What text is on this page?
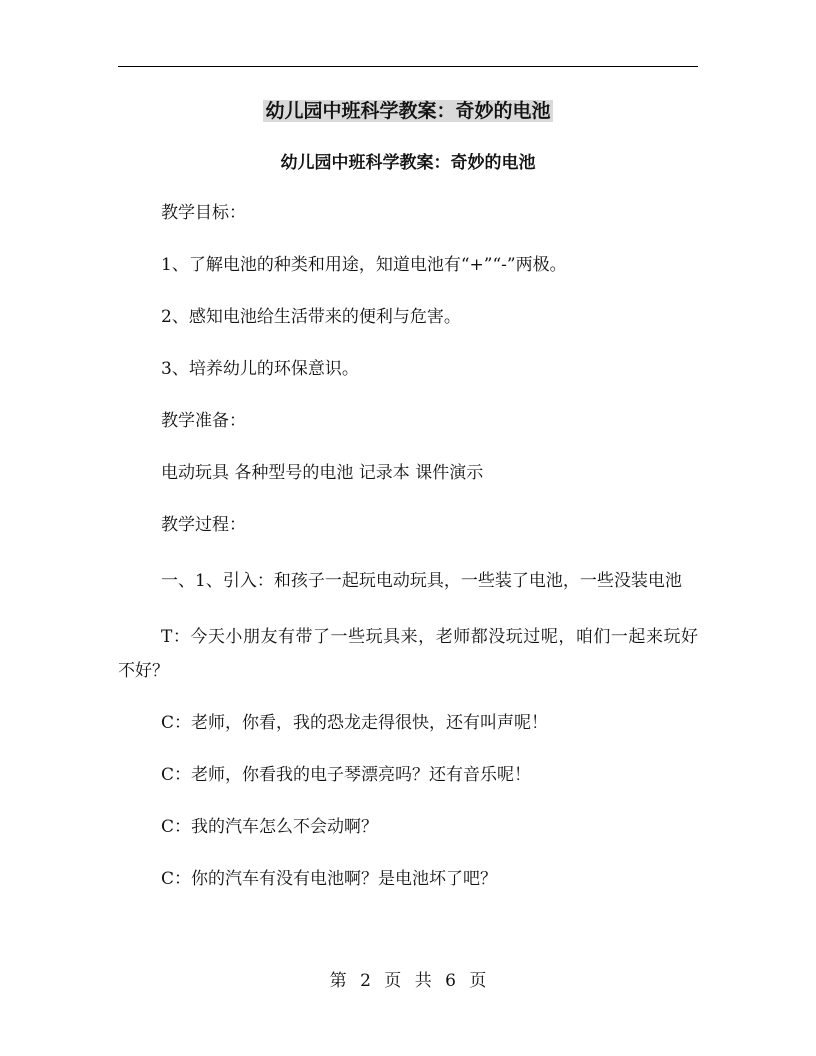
幼儿园中班科学教案：奇妙的电池
幼儿园中班科学教案：奇妙的电池

教学目标：

1、了解电池的种类和用途，知道电池有“+”“-”两极。

2、感知电池给生活带来的便利与危害。

3、培养幼儿的环保意识。

教学准备：

电动玩具 各种型号的电池 记录本 课件演示

教学过程：

一、1、引入：和孩子一起玩电动玩具，一些装了电池，一些没装电池

T：今天小朋友有带了一些玩具来，老师都没玩过呢，咱们一起来玩好不好？

C：老师，你看，我的恐龙走得很快，还有叫声呢！

C：老师，你看我的电子琴漂亮吗？还有音乐呢！

C：我的汽车怎么不会动啊？

C：你的汽车有没有电池啊？是电池坏了吧？

第 2 页 共 6 页
